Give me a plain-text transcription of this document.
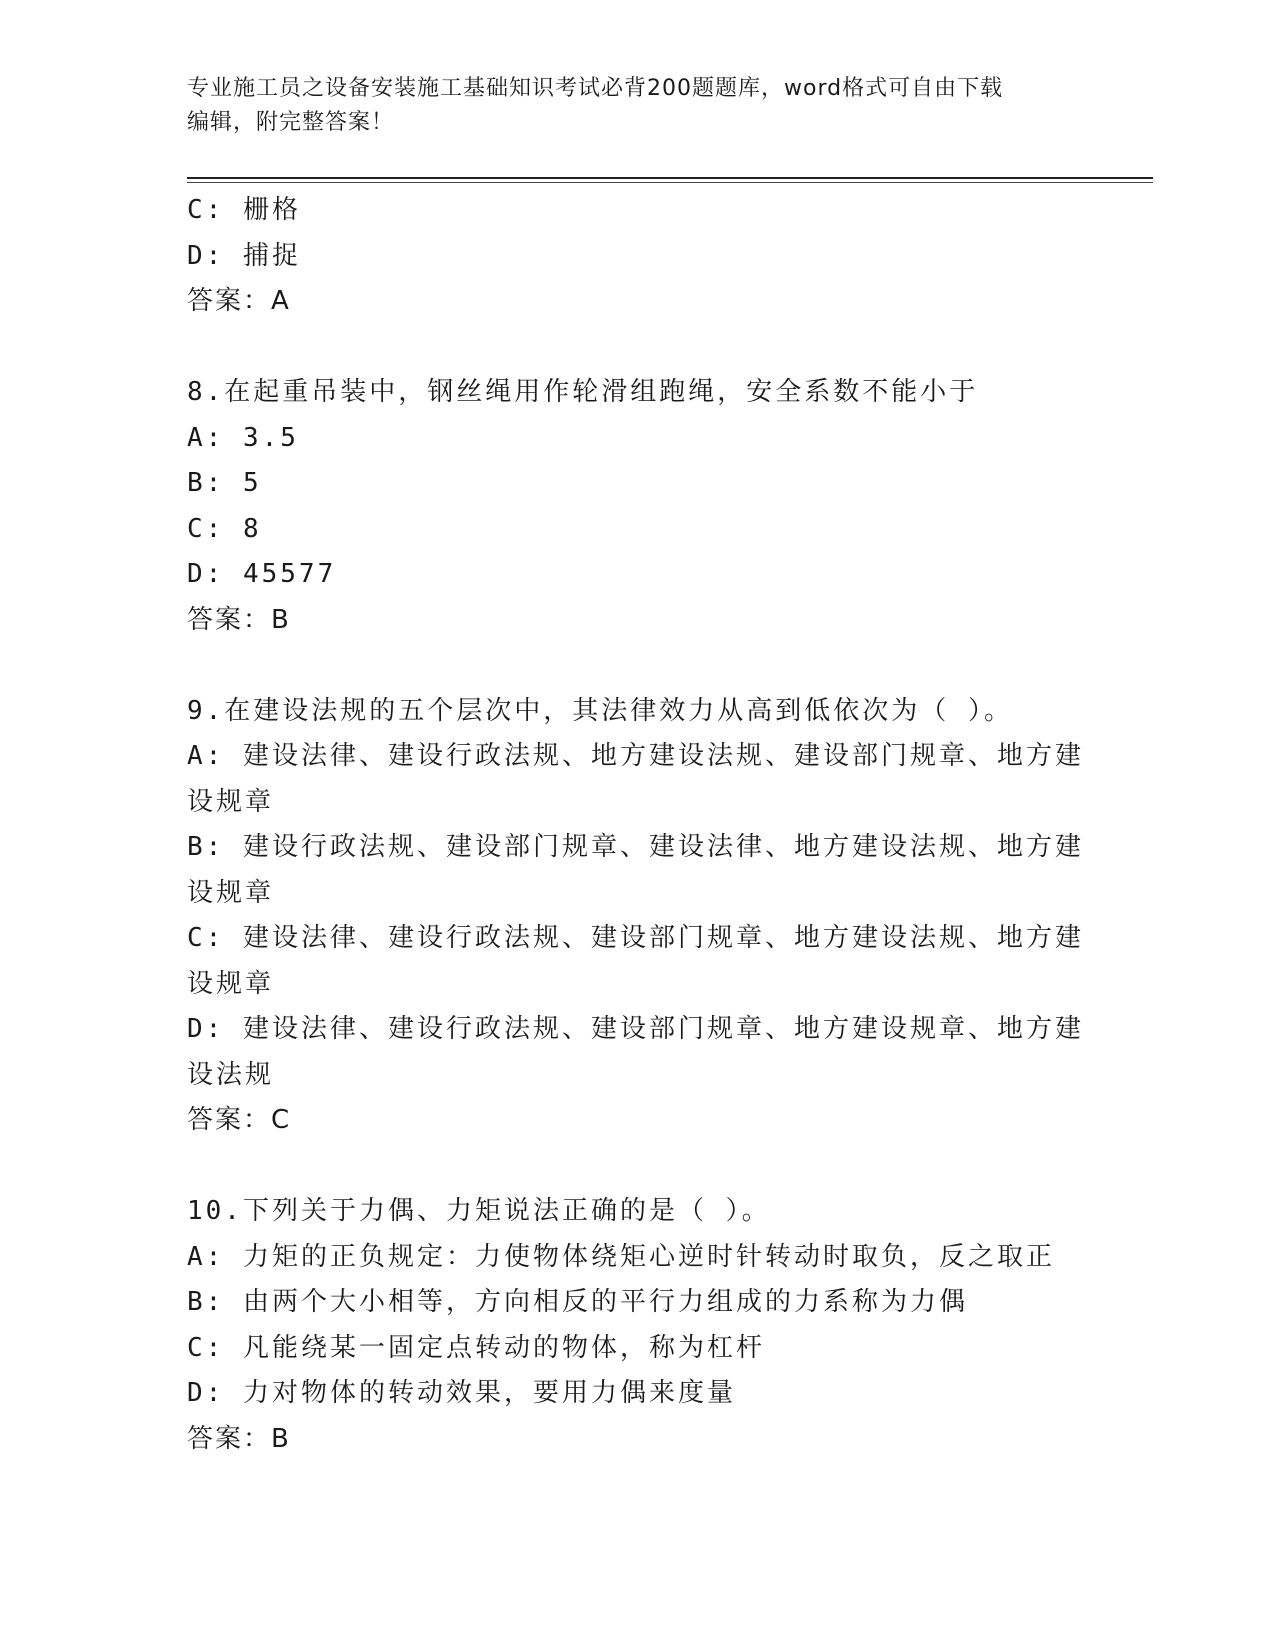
专业施工员之设备安装施工基础知识考试必背200题题库，word格式可自由下载
编辑，附完整答案！
C: 栅格
D: 捕捉
答案：A
8.在起重吊装中，钢丝绳用作轮滑组跑绳，安全系数不能小于
A: 3.5
B: 5
C: 8
D: 45577
答案：B
9.在建设法规的五个层次中，其法律效力从高到低依次为（ ）。
A: 建设法律、建设行政法规、地方建设法规、建设部门规章、地方建
设规章
B: 建设行政法规、建设部门规章、建设法律、地方建设法规、地方建
设规章
C: 建设法律、建设行政法规、建设部门规章、地方建设法规、地方建
设规章
D: 建设法律、建设行政法规、建设部门规章、地方建设规章、地方建
设法规
答案：C
10.下列关于力偶、力矩说法正确的是（ ）。
A: 力矩的正负规定：力使物体绕矩心逆时针转动时取负，反之取正
B: 由两个大小相等，方向相反的平行力组成的力系称为力偶
C: 凡能绕某一固定点转动的物体，称为杠杆
D: 力对物体的转动效果，要用力偶来度量
答案：B
